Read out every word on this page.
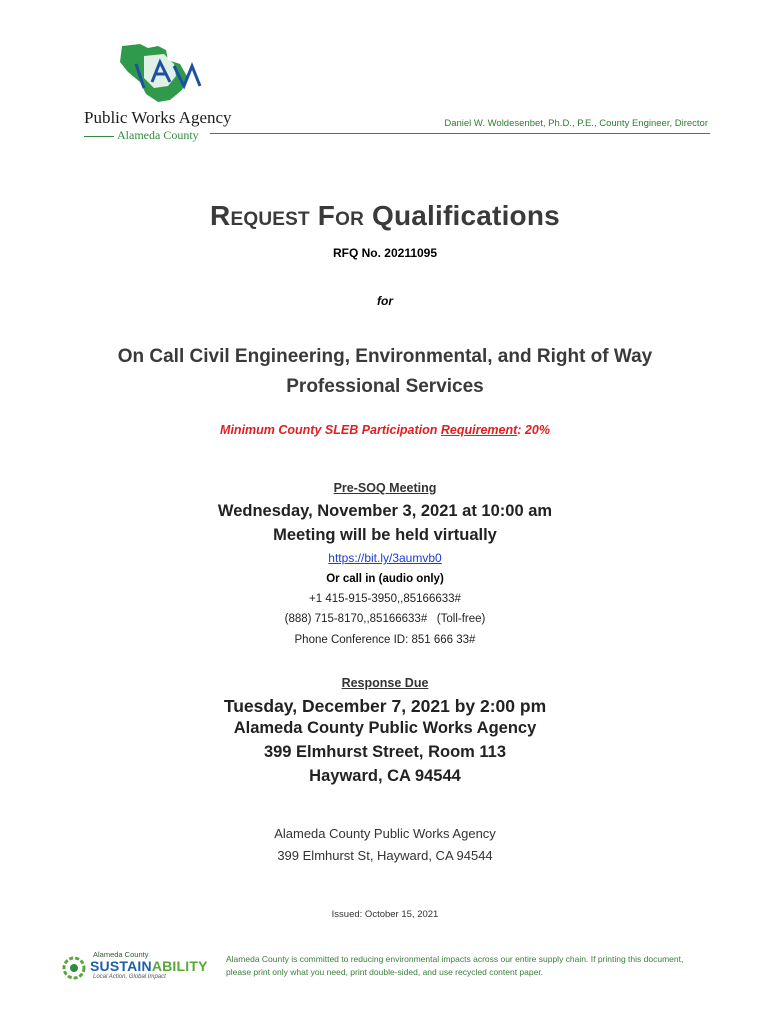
Public Works Agency
Alameda County
Daniel W. Woldesenbet, Ph.D., P.E., County Engineer, Director
REQUEST FOR Qualifications
RFQ No. 20211095
for
On Call Civil Engineering, Environmental, and Right of Way
Professional Services
Minimum County SLEB Participation Requirement: 20%
Pre-SOQ Meeting
Wednesday, November 3, 2021 at 10:00 am
Meeting will be held virtually
https://bit.ly/3aumvb0
Or call in (audio only)
+1 415-915-3950,,85166633#
(888) 715-8170,,85166633#   (Toll-free)
Phone Conference ID: 851 666 33#
Response Due
Tuesday, December 7, 2021 by 2:00 pm
Alameda County Public Works Agency
399 Elmhurst Street, Room 113
Hayward, CA 94544
Alameda County Public Works Agency
399 Elmhurst St, Hayward, CA 94544
Issued: October 15, 2021
Alameda County
SUSTAINABILITY
Local Action, Global Impact
Alameda County is committed to reducing environmental impacts across our entire supply chain. If printing this document, please print only what you need, print double-sided, and use recycled content paper.
